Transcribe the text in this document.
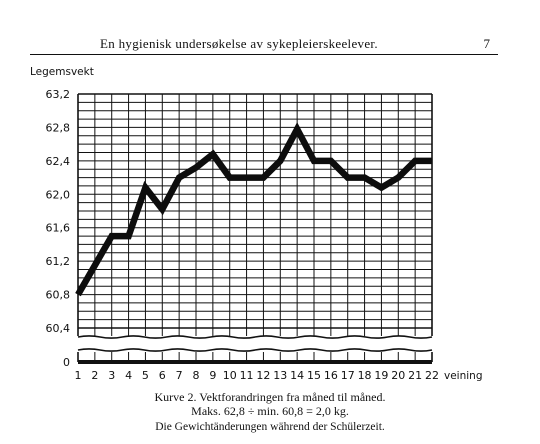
En hygienisk undersøkelse av sykepleierskeelever.	7
63,2
62,8
62,4
62,0
61,6
61,2
60,8
60,4
0
1 2 3 4 5 6 7 8 9 10 11 12 13 14 15 16 17 18 19 20 21 22
Legemsvekt
veining
Kurve 2. Vektforandringen fra måned til måned.
Maks. 62,8 ÷ min. 60,8 = 2,0 kg.
Die Gewichtänderungen während der Schülerzeit.
